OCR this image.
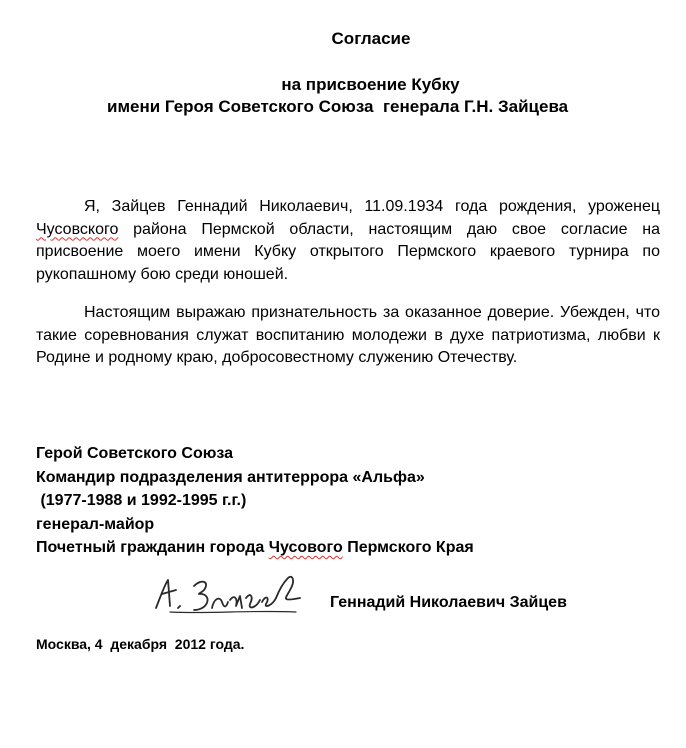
Согласие
на присвоение Кубку
имени Героя Советского Союза  генерала Г.Н. Зайцева
Я, Зайцев Геннадий Николаевич, 11.09.1934 года рождения, уроженец Чусовского района Пермской области, настоящим даю свое согласие на присвоение моего имени Кубку открытого Пермского краевого турнира по рукопашному бою среди юношей.
Настоящим выражаю признательность за оказанное доверие. Убежден, что такие соревнования служат воспитанию молодежи в духе патриотизма, любви к Родине и родному краю, добросовестному служению Отечеству.
Герой Советского Союза
Командир подразделения антитеррора «Альфа»
(1977-1988 и 1992-1995 г.г.)
генерал-майор
Почетный гражданин города Чусового Пермского Края
Геннадий Николаевич Зайцев
Москва, 4  декабря  2012 года.
